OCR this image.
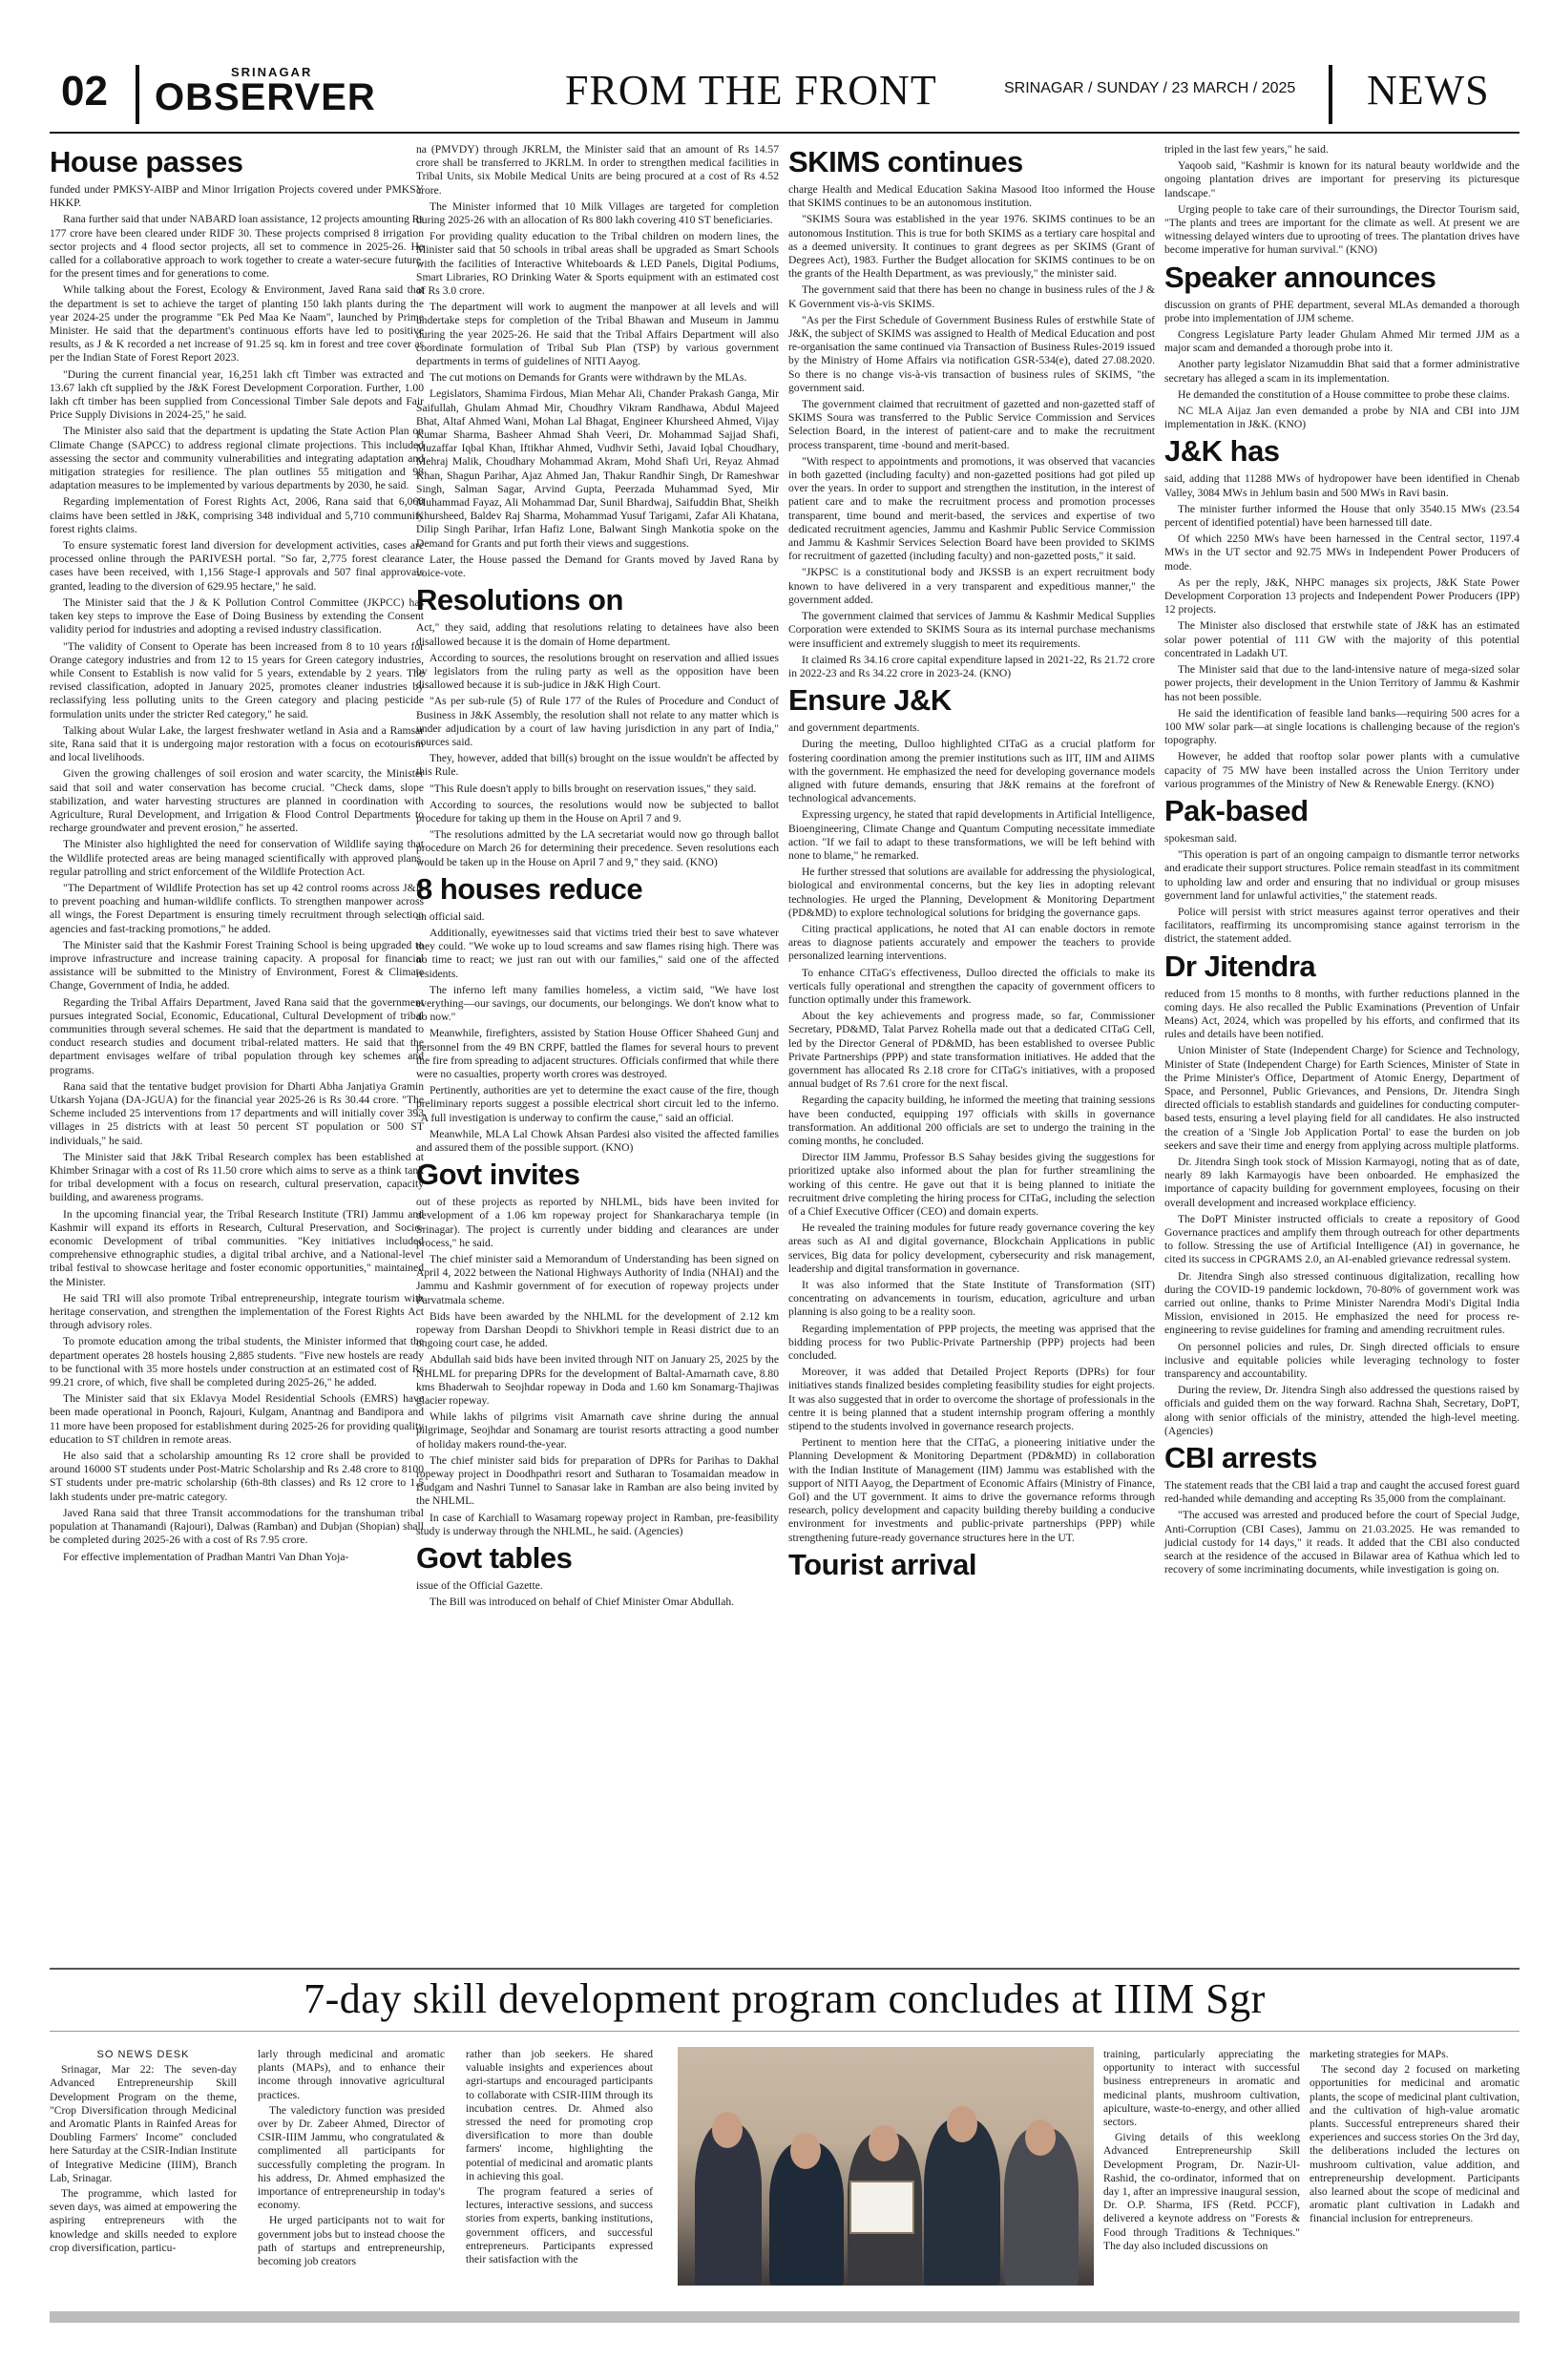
02	SRINAGAR
OBSERVER	FROM THE FRONT	SRINAGAR / SUNDAY / 23 MARCH / 2025 NEWS
House passes

funded under PMKSY-AIBP and Minor Irrigation Projects covered under PMKSY HKKP.

Rana further said that under NABARD loan assistance, 12 projects amounting Rs 177 crore have been cleared under RIDF 30. These projects comprised 8 irrigation sector projects and 4 flood sector projects, all set to commence in 2025-26. He called for a collaborative approach to work together to create a water-secure future, for the present times and for generations to come.

While talking about the Forest, Ecology & Environment, Javed Rana said that the department is set to achieve the target of planting 150 lakh plants during the year 2024-25 under the programme "Ek Ped Maa Ke Naam", launched by Prime Minister. He said that the department's continuous efforts have led to positive results, as J & K recorded a net increase of 91.25 sq. km in forest and tree cover as per the Indian State of Forest Report 2023.

"During the current financial year, 16,251 lakh cft Timber was extracted and 13.67 lakh cft supplied by the J&K Forest Development Corporation. Further, 1.00 lakh cft timber has been supplied from Concessional Timber Sale depots and Fair Price Supply Divisions in 2024-25," he said.

The Minister also said that the department is updating the State Action Plan on Climate Change (SAPCC) to address regional climate projections. This included assessing the sector and community vulnerabilities and integrating adaptation and mitigation strategies for resilience. The plan outlines 55 mitigation and 98 adaptation measures to be implemented by various departments by 2030, he said.

Regarding implementation of Forest Rights Act, 2006, Rana said that 6,068 claims have been settled in J&K, comprising 348 individual and 5,710 community forest rights claims.

To ensure systematic forest land diversion for development activities, cases are processed online through the PARIVESH portal. "So far, 2,775 forest clearance cases have been received, with 1,156 Stage-I approvals and 507 final approvals granted, leading to the diversion of 629.95 hectare," he said.

The Minister said that the J & K Pollution Control Committee (JKPCC) has taken key steps to improve the Ease of Doing Business by extending the Consent validity period for industries and adopting a revised industry classification.

"The validity of Consent to Operate has been increased from 8 to 10 years for Orange category industries and from 12 to 15 years for Green category industries, while Consent to Establish is now valid for 5 years, extendable by 2 years. The revised classification, adopted in January 2025, promotes cleaner industries by reclassifying less polluting units to the Green category and placing pesticide formulation units under the stricter Red category," he said.

Talking about Wular Lake, the largest freshwater wetland in Asia and a Ramsar site, Rana said that it is undergoing major restoration with a focus on ecotourism and local livelihoods.

Given the growing challenges of soil erosion and water scarcity, the Minister said that soil and water conservation has become crucial. "Check dams, slope stabilization, and water harvesting structures are planned in coordination with Agriculture, Rural Development, and Irrigation & Flood Control Departments to recharge groundwater and prevent erosion," he asserted.

The Minister also highlighted the need for conservation of Wildlife saying that the Wildlife protected areas are being managed scientifically with approved plans, regular patrolling and strict enforcement of the Wildlife Protection Act.

"The Department of Wildlife Protection has set up 42 control rooms across J&K to prevent poaching and human-wildlife conflicts. To strengthen manpower across all wings, the Forest Department is ensuring timely recruitment through selection agencies and fast-tracking promotions," he added.

The Minister said that the Kashmir Forest Training School is being upgraded to improve infrastructure and increase training capacity. A proposal for financial assistance will be submitted to the Ministry of Environment, Forest & Climate Change, Government of India, he added.

Regarding the Tribal Affairs Department, Javed Rana said that the government pursues integrated Social, Economic, Educational, Cultural Development of tribal communities through several schemes. He said that the department is mandated to conduct research studies and document tribal-related matters. He said that the department envisages welfare of tribal population through key schemes and programs.

Rana said that the tentative budget provision for Dharti Abha Janjatiya Gramin Utkarsh Yojana (DA-JGUA) for the financial year 2025-26 is Rs 30.44 crore. "The Scheme included 25 interventions from 17 departments and will initially cover 393 villages in 25 districts with at least 50 percent ST population or 500 ST individuals," he said.

The Minister said that J&K Tribal Research complex has been established at Khimber Srinagar with a cost of Rs 11.50 crore which aims to serve as a think tank for tribal development with a focus on research, cultural preservation, capacity building, and awareness programs.

In the upcoming financial year, the Tribal Research Institute (TRI) Jammu and Kashmir will expand its efforts in Research, Cultural Preservation, and Socio-economic Development of tribal communities. "Key initiatives included comprehensive ethnographic studies, a digital tribal archive, and a National-level tribal festival to showcase heritage and foster economic opportunities," maintained the Minister.

He said TRI will also promote Tribal entrepreneurship, integrate tourism with heritage conservation, and strengthen the implementation of the Forest Rights Act through advisory roles.

To promote education among the tribal students, the Minister informed that the department operates 28 hostels housing 2,885 students. "Five new hostels are ready to be functional with 35 more hostels under construction at an estimated cost of Rs 99.21 crore, of which, five shall be completed during 2025-26," he added.

The Minister said that six Eklavya Model Residential Schools (EMRS) have been made operational in Poonch, Rajouri, Kulgam, Anantnag and Bandipora and 11 more have been proposed for establishment during 2025-26 for providing quality education to ST children in remote areas.

He also said that a scholarship amounting Rs 12 crore shall be provided to around 16000 ST students under Post-Matric Scholarship and Rs 2.48 crore to 8100 ST students under pre-matric scholarship (6th-8th classes) and Rs 12 crore to 1.5 lakh students under pre-matric category.

Javed Rana said that three Transit accommodations for the transhuman tribal population at Thanamandi (Rajouri), Dalwas (Ramban) and Dubjan (Shopian) shall be completed during 2025-26 with a cost of Rs 7.95 crore.

For effective implementation of Pradhan Mantri Van Dhan Yoja-

na (PMVDY) through JKRLM, the Minister said that an amount of Rs 14.57 crore shall be transferred to JKRLM. In order to strengthen medical facilities in Tribal Units, six Mobile Medical Units are being procured at a cost of Rs 4.52 crore.

The Minister informed that 10 Milk Villages are targeted for completion during 2025-26 with an allocation of Rs 800 lakh covering 410 ST beneficiaries.

For providing quality education to the Tribal children on modern lines, the Minister said that 50 schools in tribal areas shall be upgraded as Smart Schools with the facilities of Interactive Whiteboards & LED Panels, Digital Podiums, Smart Libraries, RO Drinking Water & Sports equipment with an estimated cost of Rs 3.0 crore.

The department will work to augment the manpower at all levels and will undertake steps for completion of the Tribal Bhawan and Museum in Jammu during the year 2025-26. He said that the Tribal Affairs Department will also coordinate formulation of Tribal Sub Plan (TSP) by various government departments in terms of guidelines of NITI Aayog.

The cut motions on Demands for Grants were withdrawn by the MLAs.

Legislators, Shamima Firdous, Mian Mehar Ali, Chander Prakash Ganga, Mir Saifullah, Ghulam Ahmad Mir, Choudhry Vikram Randhawa, Abdul Majeed Bhat, Altaf Ahmed Wani, Mohan Lal Bhagat, Engineer Khursheed Ahmed, Vijay Kumar Sharma, Basheer Ahmad Shah Veeri, Dr. Mohammad Sajjad Shafi, Muzaffar Iqbal Khan, Iftikhar Ahmed, Vudhvir Sethi, Javaid Iqbal Choudhary, Mehraj Malik, Choudhary Mohammad Akram, Mohd Shafi Uri, Reyaz Ahmad Khan, Shagun Parihar, Ajaz Ahmed Jan, Thakur Randhir Singh, Dr Rameshwar Singh, Salman Sagar, Arvind Gupta, Peerzada Muhammad Syed, Mir Muhammad Fayaz, Ali Mohammad Dar, Sunil Bhardwaj, Saifuddin Bhat, Sheikh Khursheed, Baldev Raj Sharma, Mohammad Yusuf Tarigami, Zafar Ali Khatana, Dilip Singh Parihar, Irfan Hafiz Lone, Balwant Singh Mankotia spoke on the Demand for Grants and put forth their views and suggestions.

Later, the House passed the Demand for Grants moved by Javed Rana by voice-vote.

Resolutions on

Act," they said, adding that resolutions relating to detainees have also been disallowed because it is the domain of Home department.

According to sources, the resolutions brought on reservation and allied issues by legislators from the ruling party as well as the opposition have been disallowed because it is sub-judice in J&K High Court.

"As per sub-rule (5) of Rule 177 of the Rules of Procedure and Conduct of Business in J&K Assembly, the resolution shall not relate to any matter which is under adjudication by a court of law having jurisdiction in any part of India," sources said.

They, however, added that bill(s) brought on the issue wouldn't be affected by this Rule.

"This Rule doesn't apply to bills brought on reservation issues," they said.

According to sources, the resolutions would now be subjected to ballot procedure for taking up them in the House on April 7 and 9.

"The resolutions admitted by the LA secretariat would now go through ballot procedure on March 26 for determining their precedence. Seven resolutions each would be taken up in the House on April 7 and 9," they said. (KNO)

8 houses reduce

an official said.

Additionally, eyewitnesses said that victims tried their best to save whatever they could. "We woke up to loud screams and saw flames rising high. There was no time to react; we just ran out with our families," said one of the affected residents.

The inferno left many families homeless, a victim said, "We have lost everything—our savings, our documents, our belongings. We don't know what to do now."

Meanwhile, firefighters, assisted by Station House Officer Shaheed Gunj and personnel from the 49 BN CRPF, battled the flames for several hours to prevent the fire from spreading to adjacent structures. Officials confirmed that while there were no casualties, property worth crores was destroyed.

Pertinently, authorities are yet to determine the exact cause of the fire, though preliminary reports suggest a possible electrical short circuit led to the inferno. "A full investigation is underway to confirm the cause," said an official.

Meanwhile, MLA Lal Chowk Ahsan Pardesi also visited the affected families and assured them of the possible support. (KNO)

Govt invites

out of these projects as reported by NHLML, bids have been invited for development of a 1.06 km ropeway project for Shankaracharya temple (in Srinagar). The project is currently under bidding and clearances are under process," he said.

The chief minister said a Memorandum of Understanding has been signed on April 4, 2022 between the National Highways Authority of India (NHAI) and the Jammu and Kashmir government of for execution of ropeway projects under Parvatmala scheme.

Bids have been awarded by the NHLML for the development of 2.12 km ropeway from Darshan Deopdi to Shivkhori temple in Reasi district due to an ongoing court case, he added.

Abdullah said bids have been invited through NIT on January 25, 2025 by the NHLML for preparing DPRs for the development of Baltal-Amarnath cave, 8.80 kms Bhaderwah to Seojhdar ropeway in Doda and 1.60 km Sonamarg-Thajiwas glacier ropeway.

While lakhs of pilgrims visit Amarnath cave shrine during the annual pilgrimage, Seojhdar and Sonamarg are tourist resorts attracting a good number of holiday makers round-the-year.

The chief minister said bids for preparation of DPRs for Parihas to Dakhal ropeway project in Doodhpathri resort and Sutharan to Tosamaidan meadow in Budgam and Nashri Tunnel to Sanasar lake in Ramban are also being invited by the NHLML.

In case of Karchiall to Wasamarg ropeway project in Ramban, pre-feasibility study is underway through the NHLML, he said. (Agencies)

Govt tables

issue of the Official Gazette.

The Bill was introduced on behalf of Chief Minister Omar Abdullah.

SKIMS continues

charge Health and Medical Education Sakina Masood Itoo informed the House that SKIMS continues to be an autonomous institution.

"SKIMS Soura was established in the year 1976. SKIMS continues to be an autonomous Institution. This is true for both SKIMS as a tertiary care hospital and as a deemed university. It continues to grant degrees as per SKIMS (Grant of Degrees Act), 1983. Further the Budget allocation for SKIMS continues to be on the grants of the Health Department, as was previously," the minister said.

The government said that there has been no change in business rules of the J & K Government vis-à-vis SKIMS.

"As per the First Schedule of Government Business Rules of erstwhile State of J&K, the subject of SKIMS was assigned to Health of Medical Education and post re-organisation the same continued via Transaction of Business Rules-2019 issued by the Ministry of Home Affairs via notification GSR-534(e), dated 27.08.2020. So there is no change vis-à-vis transaction of business rules of SKIMS, "the government said.

The government claimed that recruitment of gazetted and non-gazetted staff of SKIMS Soura was transferred to the Public Service Commission and Services Selection Board, in the interest of patient-care and to make the recruitment process transparent, time -bound and merit-based.

"With respect to appointments and promotions, it was observed that vacancies in both gazetted (including faculty) and non-gazetted positions had got piled up over the years. In order to support and strengthen the institution, in the interest of patient care and to make the recruitment process and promotion processes transparent, time bound and merit-based, the services and expertise of two dedicated recruitment agencies, Jammu and Kashmir Public Service Commission and Jammu & Kashmir Services Selection Board have been provided to SKIMS for recruitment of gazetted (including faculty) and non-gazetted posts," it said.

"JKPSC is a constitutional body and JKSSB is an expert recruitment body known to have delivered in a very transparent and expeditious manner," the government added.

The government claimed that services of Jammu & Kashmir Medical Supplies Corporation were extended to SKIMS Soura as its internal purchase mechanisms were insufficient and extremely sluggish to meet its requirements.

It claimed Rs 34.16 crore capital expenditure lapsed in 2021-22, Rs 21.72 crore in 2022-23 and Rs 34.22 crore in 2023-24. (KNO)

Ensure J&K

and government departments.

During the meeting, Dulloo highlighted CITaG as a crucial platform for fostering coordination among the premier institutions such as IIT, IIM and AIIMS with the government. He emphasized the need for developing governance models aligned with future demands, ensuring that J&K remains at the forefront of technological advancements.

Expressing urgency, he stated that rapid developments in Artificial Intelligence, Bioengineering, Climate Change and Quantum Computing necessitate immediate action. "If we fail to adapt to these transformations, we will be left behind with none to blame," he remarked.

He further stressed that solutions are available for addressing the physiological, biological and environmental concerns, but the key lies in adopting relevant technologies. He urged the Planning, Development & Monitoring Department (PD&MD) to explore technological solutions for bridging the governance gaps.

Citing practical applications, he noted that AI can enable doctors in remote areas to diagnose patients accurately and empower the teachers to provide personalized learning interventions.

To enhance CITaG's effectiveness, Dulloo directed the officials to make its verticals fully operational and strengthen the capacity of government officers to function optimally under this framework.

About the key achievements and progress made, so far, Commissioner Secretary, PD&MD, Talat Parvez Rohella made out that a dedicated CITaG Cell, led by the Director General of PD&MD, has been established to oversee Public Private Partnerships (PPP) and state transformation initiatives. He added that the government has allocated Rs 2.18 crore for CITaG's initiatives, with a proposed annual budget of Rs 7.61 crore for the next fiscal.

Regarding the capacity building, he informed the meeting that training sessions have been conducted, equipping 197 officials with skills in governance transformation. An additional 200 officials are set to undergo the training in the coming months, he concluded.

Director IIM Jammu, Professor B.S Sahay besides giving the suggestions for prioritized uptake also informed about the plan for further streamlining the working of this centre. He gave out that it is being planned to initiate the recruitment drive completing the hiring process for CITaG, including the selection of a Chief Executive Officer (CEO) and domain experts.

He revealed the training modules for future ready governance covering the key areas such as AI and digital governance, Blockchain Applications in public services, Big data for policy development, cybersecurity and risk management, leadership and digital transformation in governance.

It was also informed that the State Institute of Transformation (SIT) concentrating on advancements in tourism, education, agriculture and urban planning is also going to be a reality soon.

Regarding implementation of PPP projects, the meeting was apprised that the bidding process for two Public-Private Partnership (PPP) projects had been concluded.

Moreover, it was added that Detailed Project Reports (DPRs) for four initiatives stands finalized besides completing feasibility studies for eight projects. It was also suggested that in order to overcome the shortage of professionals in the centre it is being planned that a student internship program offering a monthly stipend to the students involved in governance research projects.

Pertinent to mention here that the CITaG, a pioneering initiative under the Planning Development & Monitoring Department (PD&MD) in collaboration with the Indian Institute of Management (IIM) Jammu was established with the support of NITI Aayog, the Department of Economic Affairs (Ministry of Finance, GoI) and the UT government. It aims to drive the governance reforms through research, policy development and capacity building thereby building a conducive environment for investments and public-private partnerships (PPP) while strengthening future-ready governance structures here in the UT.

Tourist arrival

tripled in the last few years," he said.

Yaqoob said, "Kashmir is known for its natural beauty worldwide and the ongoing plantation drives are important for preserving its picturesque landscape."

Urging people to take care of their surroundings, the Director Tourism said, "The plants and trees are important for the climate as well. At present we are witnessing delayed winters due to uprooting of trees. The plantation drives have become imperative for human survival." (KNO)

Speaker announces

discussion on grants of PHE department, several MLAs demanded a thorough probe into implementation of JJM scheme.

Congress Legislature Party leader Ghulam Ahmed Mir termed JJM as a major scam and demanded a thorough probe into it.

Another party legislator Nizamuddin Bhat said that a former administrative secretary has alleged a scam in its implementation.

He demanded the constitution of a House committee to probe these claims.

NC MLA Aijaz Jan even demanded a probe by NIA and CBI into JJM implementation in J&K. (KNO)

J&K has

said, adding that 11288 MWs of hydropower have been identified in Chenab Valley, 3084 MWs in Jehlum basin and 500 MWs in Ravi basin.

The minister further informed the House that only 3540.15 MWs (23.54 percent of identified potential) have been harnessed till date.

Of which 2250 MWs have been harnessed in the Central sector, 1197.4 MWs in the UT sector and 92.75 MWs in Independent Power Producers of mode.

As per the reply, J&K, NHPC manages six projects, J&K State Power Development Corporation 13 projects and Independent Power Producers (IPP) 12 projects.

The Minister also disclosed that erstwhile state of J&K has an estimated solar power potential of 111 GW with the majority of this potential concentrated in Ladakh UT.

The Minister said that due to the land-intensive nature of mega-sized solar power projects, their development in the Union Territory of Jammu & Kashmir has not been possible.

He said the identification of feasible land banks—requiring 500 acres for a 100 MW solar park—at single locations is challenging because of the region's topography.

However, he added that rooftop solar power plants with a cumulative capacity of 75 MW have been installed across the Union Territory under various programmes of the Ministry of New & Renewable Energy. (KNO)

Pak-based

spokesman said.

"This operation is part of an ongoing campaign to dismantle terror networks and eradicate their support structures. Police remain steadfast in its commitment to upholding law and order and ensuring that no individual or group misuses government land for unlawful activities," the statement reads.

Police will persist with strict measures against terror operatives and their facilitators, reaffirming its uncompromising stance against terrorism in the district, the statement added.

Dr Jitendra

reduced from 15 months to 8 months, with further reductions planned in the coming days. He also recalled the Public Examinations (Prevention of Unfair Means) Act, 2024, which was propelled by his efforts, and confirmed that its rules and details have been notified.

Union Minister of State (Independent Charge) for Science and Technology, Minister of State (Independent Charge) for Earth Sciences, Minister of State in the Prime Minister's Office, Department of Atomic Energy, Department of Space, and Personnel, Public Grievances, and Pensions, Dr. Jitendra Singh directed officials to establish standards and guidelines for conducting computer-based tests, ensuring a level playing field for all candidates. He also instructed the creation of a 'Single Job Application Portal' to ease the burden on job seekers and save their time and energy from applying across multiple platforms.

Dr. Jitendra Singh took stock of Mission Karmayogi, noting that as of date, nearly 89 lakh Karmayogis have been onboarded. He emphasized the importance of capacity building for government employees, focusing on their overall development and increased workplace efficiency.

The DoPT Minister instructed officials to create a repository of Good Governance practices and amplify them through outreach for other departments to follow. Stressing the use of Artificial Intelligence (AI) in governance, he cited its success in CPGRAMS 2.0, an AI-enabled grievance redressal system.

Dr. Jitendra Singh also stressed continuous digitalization, recalling how during the COVID-19 pandemic lockdown, 70-80% of government work was carried out online, thanks to Prime Minister Narendra Modi's Digital India Mission, envisioned in 2015. He emphasized the need for process re-engineering to revise guidelines for framing and amending recruitment rules.

On personnel policies and rules, Dr. Singh directed officials to ensure inclusive and equitable policies while leveraging technology to foster transparency and accountability.

During the review, Dr. Jitendra Singh also addressed the questions raised by officials and guided them on the way forward. Rachna Shah, Secretary, DoPT, along with senior officials of the ministry, attended the high-level meeting. (Agencies)

CBI arrests

The statement reads that the CBI laid a trap and caught the accused forest guard red-handed while demanding and accepting Rs 35,000 from the complainant.

"The accused was arrested and produced before the court of Special Judge, Anti-Corruption (CBI Cases), Jammu on 21.03.2025. He was remanded to judicial custody for 14 days," it reads. It added that the CBI also conducted search at the residence of the accused in Bilawar area of Kathua which led to recovery of some incriminating documents, while investigation is going on.

7-day skill development program concludes at IIIM Sgr

SO NEWS DESK

Srinagar, Mar 22: The seven-day Advanced Entrepreneurship Skill Development Program on the theme, "Crop Diversification through Medicinal and Aromatic Plants in Rainfed Areas for Doubling Farmers' Income" concluded here Saturday at the CSIR-Indian Institute of Integrative Medicine (IIIM), Branch Lab, Srinagar.

The programme, which lasted for seven days, was aimed at empowering the aspiring entrepreneurs with the knowledge and skills needed to explore crop diversification, particu-

larly through medicinal and aromatic plants (MAPs), and to enhance their income through innovative agricultural practices.

The valedictory function was presided over by Dr. Zabeer Ahmed, Director of CSIR-IIIM Jammu, who congratulated & complimented all participants for successfully completing the program. In his address, Dr. Ahmed emphasized the importance of entrepreneurship in today's economy.

He urged participants not to wait for government jobs but to instead choose the path of startups and entrepreneurship, becoming job creators

rather than job seekers. He shared valuable insights and experiences about agri-startups and encouraged participants to collaborate with CSIR-IIIM through its incubation centres. Dr. Ahmed also stressed the need for promoting crop diversification to more than double farmers' income, highlighting the potential of medicinal and aromatic plants in achieving this goal.

The program featured a series of lectures, interactive sessions, and success stories from experts, banking institutions, government officers, and successful entrepreneurs. Participants expressed their satisfaction with the

training, particularly appreciating the opportunity to interact with successful business entrepreneurs in aromatic and medicinal plants, mushroom cultivation, apiculture, waste-to-energy, and other allied sectors.

Giving details of this weeklong Advanced Entrepreneurship Skill Development Program, Dr. Nazir-Ul-Rashid, the co-ordinator, informed that on day 1, after an impressive inaugural session, Dr. O.P. Sharma, IFS (Retd. PCCF), delivered a keynote address on "Forests & Food through Traditions & Techniques." The day also included discussions on

marketing strategies for MAPs.

The second day 2 focused on marketing opportunities for medicinal and aromatic plants, the scope of medicinal plant cultivation, and the cultivation of high-value aromatic plants. Successful entrepreneurs shared their experiences and success stories On the 3rd day, the deliberations included the lectures on mushroom cultivation, value addition, and entrepreneurship development. Participants also learned about the scope of medicinal and aromatic plant cultivation in Ladakh and financial inclusion for entrepreneurs.
